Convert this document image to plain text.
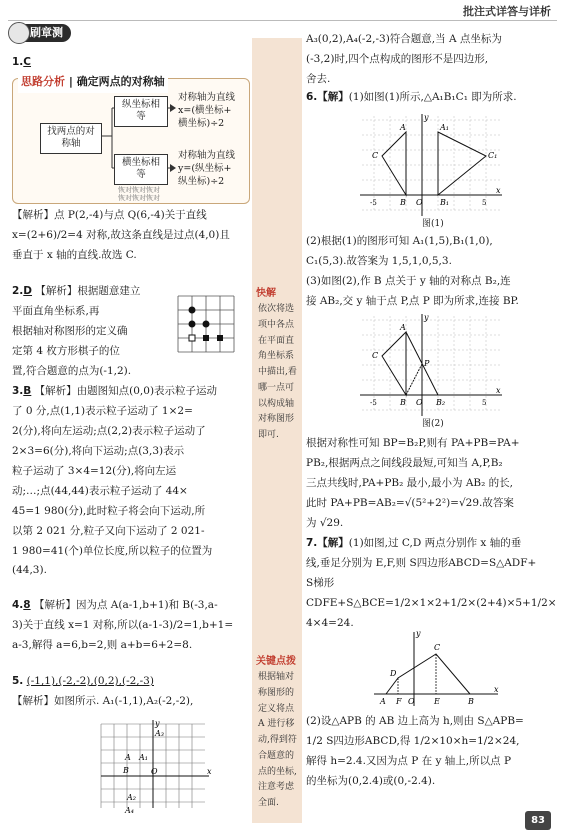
批注式详答与详析
刷章测
1.C
思路分析 | 确定两点的对称轴
找两点的对称轴
纵坐标相等
横坐标相等
对称轴为直线
x=(横坐标+
横坐标)÷2
对称轴为直线
y=(纵坐标+
纵坐标)÷2
恢对恢对恢对
恢对恢对恢对
【解析】点 P(2,-4)与点 Q(6,-4)关于直线
x=(2+6)/2=4 对称,故这条直线是过点(4,0)且
垂直于 x 轴的直线.故选 C.
2.D 【解析】根据题意建立
平面直角坐标系,再
根据轴对称图形的定义确
定第 4 枚方形棋子的位
置,符合题意的点为(-1,2).
3.B 【解析】由题图知点(0,0)表示粒子运动
了 0 分,点(1,1)表示粒子运动了 1×2=
2(分),将向左运动;点(2,2)表示粒子运动了
2×3=6(分),将向下运动;点(3,3)表示
粒子运动了 3×4=12(分),将向左运
动;…;点(44,44)表示粒子运动了 44×
45=1 980(分),此时粒子将会向下运动,所
以第 2 021 分,粒子又向下运动了 2 021-
1 980=41(个)单位长度,所以粒子的位置为
(44,3).
4.8 【解析】因为点 A(a-1,b+1)和 B(-3,a-
3)关于直线 x=1 对称,所以(a-1-3)/2=1,b+1=
a-3,解得 a=6,b=2,则 a+b=6+2=8.
5. (-1,1),(-2,-2),(0,2),(-2,-3)
【解析】如图所示. A₁(-1,1),A₂(-2,-2),
A₃
A A₁
O
B
A₂
A₄
x
y
快解
依次将选项中各点在平面直角坐标系中描出,看哪一点可以构成轴对称图形即可.
关键点拨
根据轴对称图形的定义将点 A 进行移动,得到符合题意的点的坐标,注意考虑全面.
A₃(0,2),A₄(-2,-3)符合题意,当 A 点坐标为
(-3,2)时,四个点构成的图形不是四边形,
舍去.
6.【解】(1)如图(1)所示,△A₁B₁C₁ 即为所求.
A	A₁
C	C₁
B	B₁
O
x
y
-5	5
图(1)
(2)根据(1)的图形可知 A₁(1,5),B₁(1,0),
C₁(5,3).故答案为 1,5,1,0,5,3.
(3)如图(2),作 B 点关于 y 轴的对称点 B₂,连
接 AB₂,交 y 轴于点 P,点 P 即为所求,连接 BP.
A
C
P
B	B₂
O
x
y
-5	5
图(2)
根据对称性可知 BP=B₂P,则有 PA+PB=PA+
PB₂,根据两点之间线段最短,可知当 A,P,B₂
三点共线时,PA+PB₂ 最小,最小为 AB₂ 的长,
此时 PA+PB=AB₂=√(5²+2²)=√29.故答案
为 √29.
7.【解】(1)如图,过 C,D 两点分别作 x 轴的垂
线,垂足分别为 E,F,则 S四边形ABCD=S△ADF+
S梯形CDFE+S△BCE=1/2×1×2+1/2×(2+4)×5+1/2×
4×4=24.
A
D
C
B
F O E
x
y
(2)设△APB 的 AB 边上高为 h,则由 S△APB=
1/2 S四边形ABCD,得 1/2×10×h=1/2×24,
解得 h=2.4.又因为点 P 在 y 轴上,所以点 P
的坐标为(0,2.4)或(0,-2.4).
83
